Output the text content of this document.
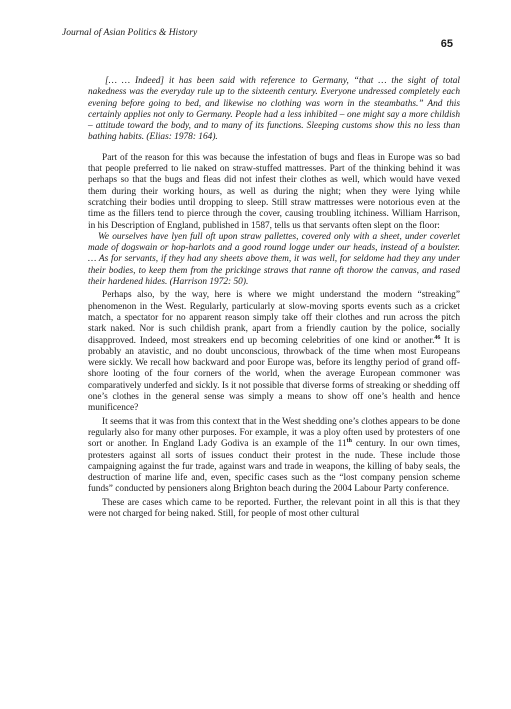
Journal of Asian Politics & History
65

[… … Indeed] it has been said with reference to Germany, “that … the sight of total nakedness was the everyday rule up to the sixteenth century. Everyone undressed completely each evening before going to bed, and likewise no clothing was worn in the steambaths.” And this certainly applies not only to Germany. People had a less inhibited – one might say a more childish – attitude toward the body, and to many of its functions. Sleeping customs show this no less than bathing habits. (Elias: 1978: 164).

Part of the reason for this was because the infestation of bugs and fleas in Europe was so bad that people preferred to lie naked on straw-stuffed mattresses. Part of the thinking behind it was perhaps so that the bugs and fleas did not infest their clothes as well, which would have vexed them during their working hours, as well as during the night; when they were lying while scratching their bodies until dropping to sleep. Still straw mattresses were notorious even at the time as the fillers tend to pierce through the cover, causing troubling itchiness. William Harrison, in his Description of England, published in 1587, tells us that servants often slept on the floor:

We ourselves have lyen full oft upon straw pallettes, covered only with a sheet, under coverlet made of dogswain or hop-harlots and a good round logge under our heads, instead of a boulster. … As for servants, if they had any sheets above them, it was well, for seldome had they any under their bodies, to keep them from the prickinge straws that ranne oft thorow the canvas, and rased their hardened hides. (Harrison 1972: 50).

Perhaps also, by the way, here is where we might understand the modern “streaking” phenomenon in the West. Regularly, particularly at slow-moving sports events such as a cricket match, a spectator for no apparent reason simply take off their clothes and run across the pitch stark naked. Nor is such childish prank, apart from a friendly caution by the police, socially disapproved. Indeed, most streakers end up becoming celebrities of one kind or another.$^{46}$ It is probably an atavistic, and no doubt unconscious, throwback of the time when most Europeans were sickly. We recall how backward and poor Europe was, before its lengthy period of grand off-shore looting of the four corners of the world, when the average European commoner was comparatively underfed and sickly. Is it not possible that diverse forms of streaking or shedding off one’s clothes in the general sense was simply a means to show off one’s health and hence munificence?

It seems that it was from this context that in the West shedding one’s clothes appears to be done regularly also for many other purposes. For example, it was a ploy often used by protesters of one sort or another. In England Lady Godiva is an example of the 11th century. In our own times, protesters against all sorts of issues conduct their protest in the nude. These include those campaigning against the fur trade, against wars and trade in weapons, the killing of baby seals, the destruction of marine life and, even, specific cases such as the “lost company pension scheme funds” conducted by pensioners along Brighton beach during the 2004 Labour Party conference.

These are cases which came to be reported. Further, the relevant point in all this is that they were not charged for being naked. Still, for people of most other cultural
